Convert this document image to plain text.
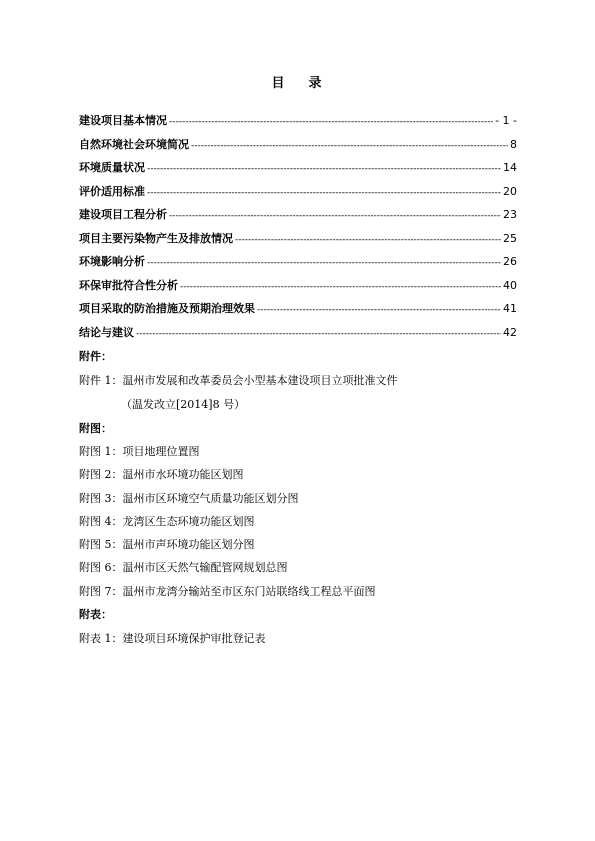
目 录
建设项目基本情况 -----	- 1 -
自然环境社会环境简况 -----	8
环境质量状况 -----	14
评价适用标准 -----	20
建设项目工程分析 -----	23
项目主要污染物产生及排放情况 -----	25
环境影响分析 -----	26
环保审批符合性分析 -----	40
项目采取的防治措施及预期治理效果 -----	41
结论与建议 -----	42
附件：
附件 1：温州市发展和改革委员会小型基本建设项目立项批准文件
（温发改立[2014]8 号）
附图：
附图 1：项目地理位置图
附图 2：温州市水环境功能区划图
附图 3：温州市区环境空气质量功能区划分图
附图 4：龙湾区生态环境功能区划图
附图 5：温州市声环境功能区划分图
附图 6：温州市区天然气输配管网规划总图
附图 7：温州市龙湾分输站至市区东门站联络线工程总平面图
附表：
附表 1：建设项目环境保护审批登记表
